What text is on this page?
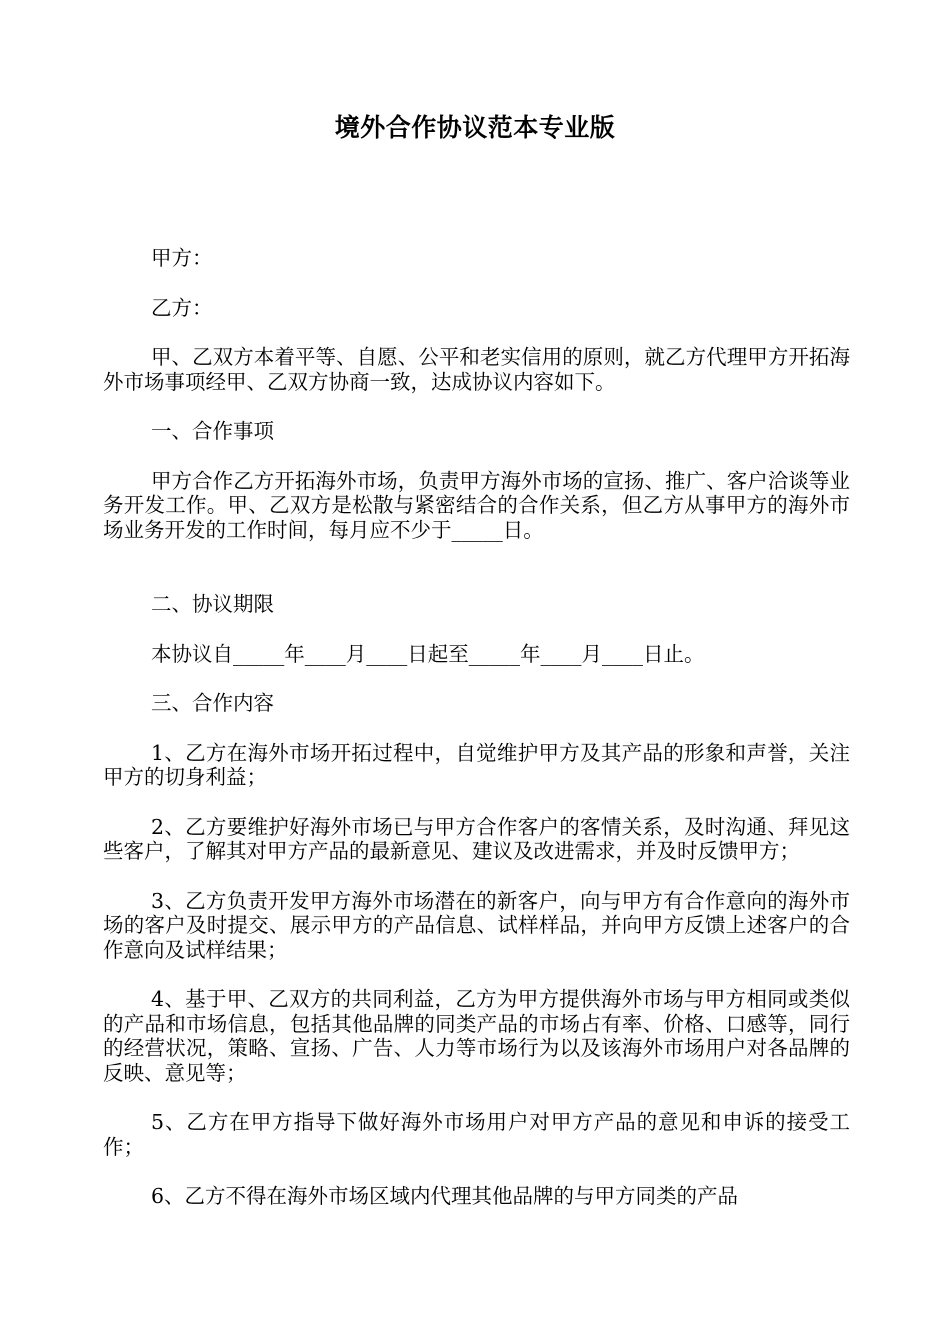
境外合作协议范本专业版

甲方：

乙方：

甲、乙双方本着平等、自愿、公平和老实信用的原则，就乙方代理甲方开拓海外市场事项经甲、乙双方协商一致，达成协议内容如下。

一、合作事项

甲方合作乙方开拓海外市场，负责甲方海外市场的宣扬、推广、客户洽谈等业务开发工作。甲、乙双方是松散与紧密结合的合作关系，但乙方从事甲方的海外市场业务开发的工作时间，每月应不少于_____日。

二、协议期限

本协议自_____年____月____日起至_____年____月____日止。

三、合作内容

1、乙方在海外市场开拓过程中，自觉维护甲方及其产品的形象和声誉，关注甲方的切身利益；

2、乙方要维护好海外市场已与甲方合作客户的客情关系，及时沟通、拜见这些客户，了解其对甲方产品的最新意见、建议及改进需求，并及时反馈甲方；

3、乙方负责开发甲方海外市场潜在的新客户，向与甲方有合作意向的海外市场的客户及时提交、展示甲方的产品信息、试样样品，并向甲方反馈上述客户的合作意向及试样结果；

4、基于甲、乙双方的共同利益，乙方为甲方提供海外市场与甲方相同或类似的产品和市场信息，包括其他品牌的同类产品的市场占有率、价格、口感等，同行的经营状况，策略、宣扬、广告、人力等市场行为以及该海外市场用户对各品牌的反映、意见等；

5、乙方在甲方指导下做好海外市场用户对甲方产品的意见和申诉的接受工作；

6、乙方不得在海外市场区域内代理其他品牌的与甲方同类的产品
